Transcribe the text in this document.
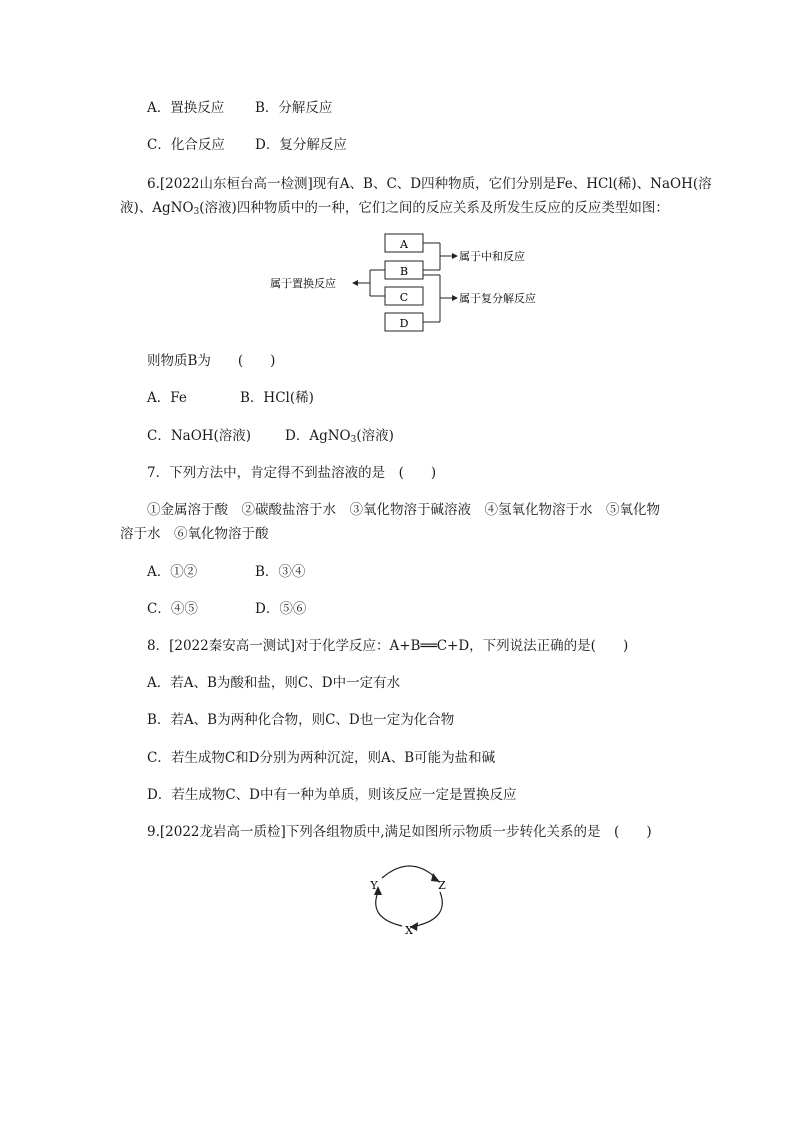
A．置换反应 B．分解反应
C．化合反应 D．复分解反应
6.[2022山东桓台高一检测]现有A、B、C、D四种物质，它们分别是Fe、HCl(稀)、NaOH(溶
液)、AgNO$_3$(溶液)四种物质中的一种，它们之间的反应关系及所发生反应的反应类型如图：
A
B
C
D
属于中和反应
属于复分解反应
属于置换反应
则物质B为　　(　　)
A．Fe	B．HCl(稀)
C．NaOH(溶液)	D．AgNO$_3$(溶液)
7．下列方法中，肯定得不到盐溶液的是　(　　)
①金属溶于酸　②碳酸盐溶于水　③氧化物溶于碱溶液　④氢氧化物溶于水　⑤氧化物
溶于水　⑥氧化物溶于酸
A．①②	B．③④
C．④⑤	D．⑤⑥
8．[2022秦安高一测试]对于化学反应：A+B══C+D，下列说法正确的是(　　)
A．若A、B为酸和盐，则C、D中一定有水
B．若A、B为两种化合物，则C、D也一定为化合物
C．若生成物C和D分别为两种沉淀，则A、B可能为盐和碱
D．若生成物C、D中有一种为单质，则该反应一定是置换反应
9.[2022龙岩高一质检]下列各组物质中,满足如图所示物质一步转化关系的是　(　　)
Y	Z
X
